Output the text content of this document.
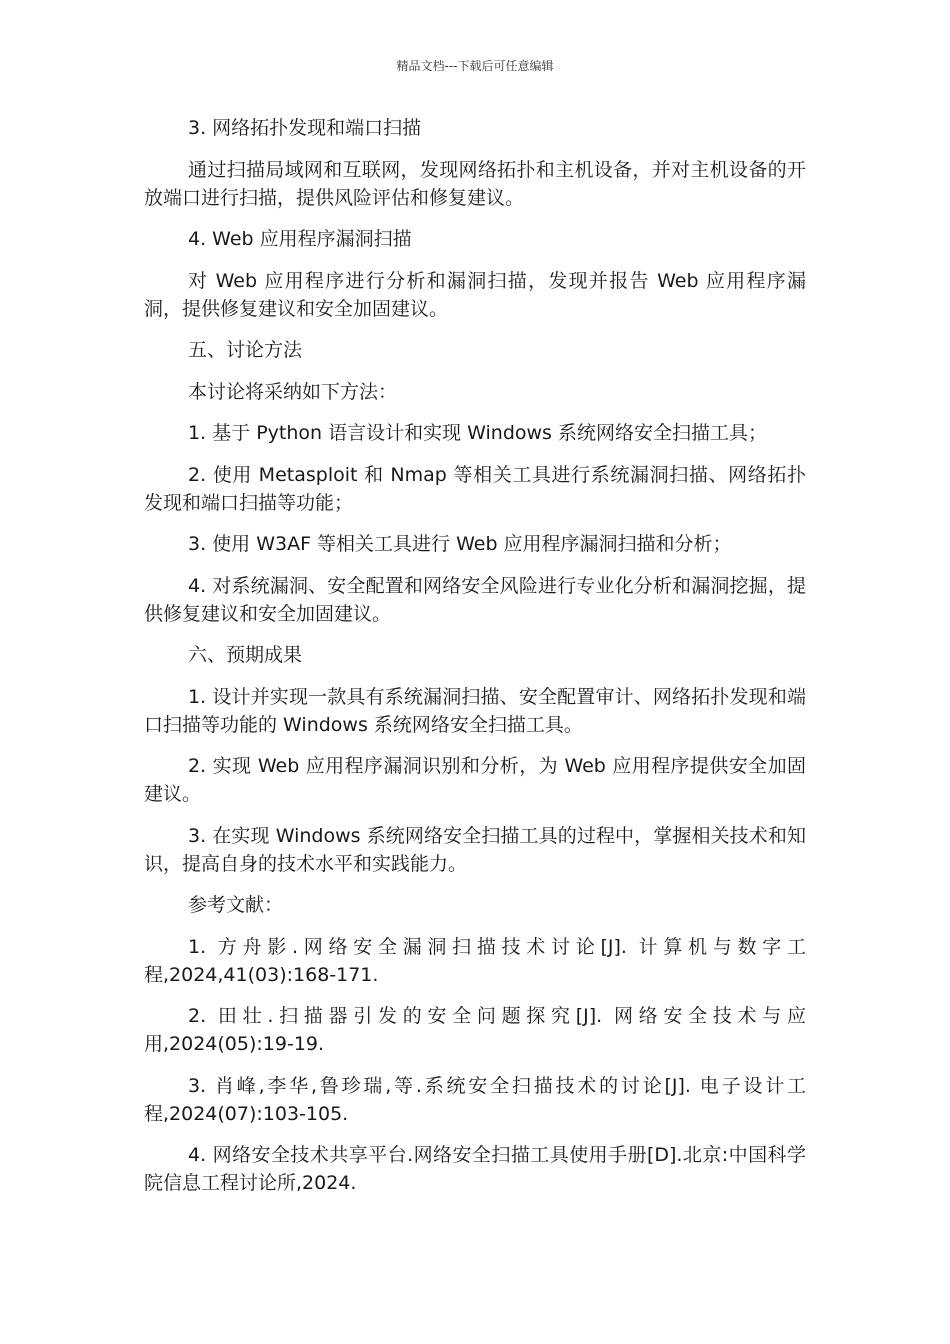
精品文档---下载后可任意编辑

3. 网络拓扑发现和端口扫描

通过扫描局域网和互联网，发现网络拓扑和主机设备，并对主机设备的开放端口进行扫描，提供风险评估和修复建议。

4. Web 应用程序漏洞扫描

对 Web 应用程序进行分析和漏洞扫描，发现并报告 Web 应用程序漏洞，提供修复建议和安全加固建议。

五、讨论方法

本讨论将采纳如下方法：

1. 基于 Python 语言设计和实现 Windows 系统网络安全扫描工具；

2. 使用 Metasploit 和 Nmap 等相关工具进行系统漏洞扫描、网络拓扑发现和端口扫描等功能；

3. 使用 W3AF 等相关工具进行 Web 应用程序漏洞扫描和分析；

4. 对系统漏洞、安全配置和网络安全风险进行专业化分析和漏洞挖掘，提供修复建议和安全加固建议。

六、预期成果

1. 设计并实现一款具有系统漏洞扫描、安全配置审计、网络拓扑发现和端口扫描等功能的 Windows 系统网络安全扫描工具。

2. 实现 Web 应用程序漏洞识别和分析，为 Web 应用程序提供安全加固建议。

3. 在实现 Windows 系统网络安全扫描工具的过程中，掌握相关技术和知识，提高自身的技术水平和实践能力。

参考文献：

1. 方舟影.网络安全漏洞扫描技术讨论[J]. 计算机与数字工程,2024,41(03):168-171.

2. 田壮.扫描器引发的安全问题探究[J]. 网络安全技术与应用,2024(05):19-19.

3. 肖峰,李华,鲁珍瑞,等.系统安全扫描技术的讨论[J]. 电子设计工程,2024(07):103-105.

4. 网络安全技术共享平台.网络安全扫描工具使用手册[D].北京:中国科学院信息工程讨论所,2024.
